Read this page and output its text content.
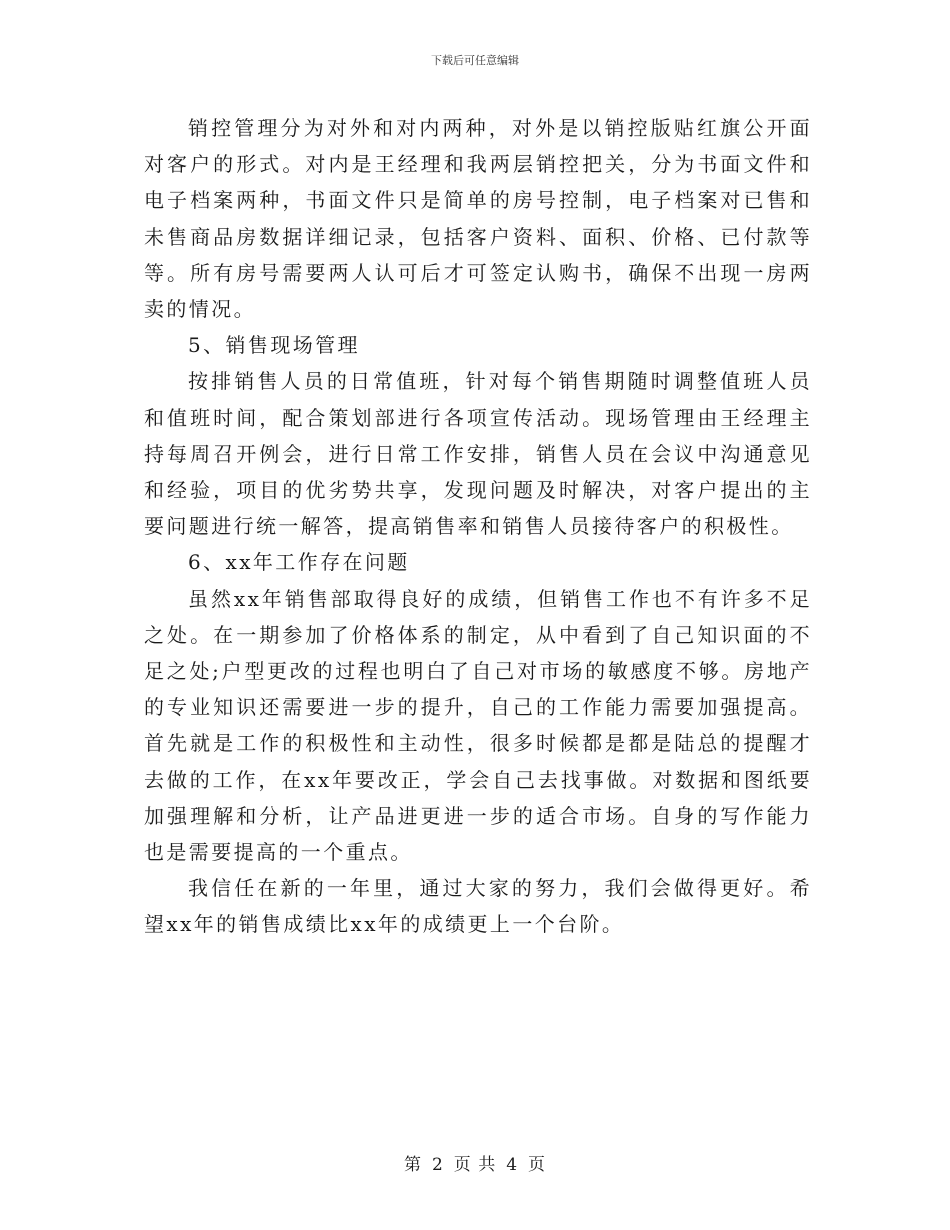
下载后可任意编辑

销控管理分为对外和对内两种，对外是以销控版贴红旗公开面对客户的形式。对内是王经理和我两层销控把关，分为书面文件和电子档案两种，书面文件只是简单的房号控制，电子档案对已售和未售商品房数据详细记录，包括客户资料、面积、价格、已付款等等。所有房号需要两人认可后才可签定认购书，确保不出现一房两卖的情况。

5、销售现场管理

按排销售人员的日常值班，针对每个销售期随时调整值班人员和值班时间，配合策划部进行各项宣传活动。现场管理由王经理主持每周召开例会，进行日常工作安排，销售人员在会议中沟通意见和经验，项目的优劣势共享，发现问题及时解决，对客户提出的主要问题进行统一解答，提高销售率和销售人员接待客户的积极性。

6、xx年工作存在问题

虽然xx年销售部取得良好的成绩，但销售工作也不有许多不足之处。在一期参加了价格体系的制定，从中看到了自己知识面的不足之处;户型更改的过程也明白了自己对市场的敏感度不够。房地产的专业知识还需要进一步的提升，自己的工作能力需要加强提高。首先就是工作的积极性和主动性，很多时候都是都是陆总的提醒才去做的工作，在xx年要改正，学会自己去找事做。对数据和图纸要加强理解和分析，让产品进更进一步的适合市场。自身的写作能力也是需要提高的一个重点。

我信任在新的一年里，通过大家的努力，我们会做得更好。希望xx年的销售成绩比xx年的成绩更上一个台阶。

第 2 页 共 4 页
